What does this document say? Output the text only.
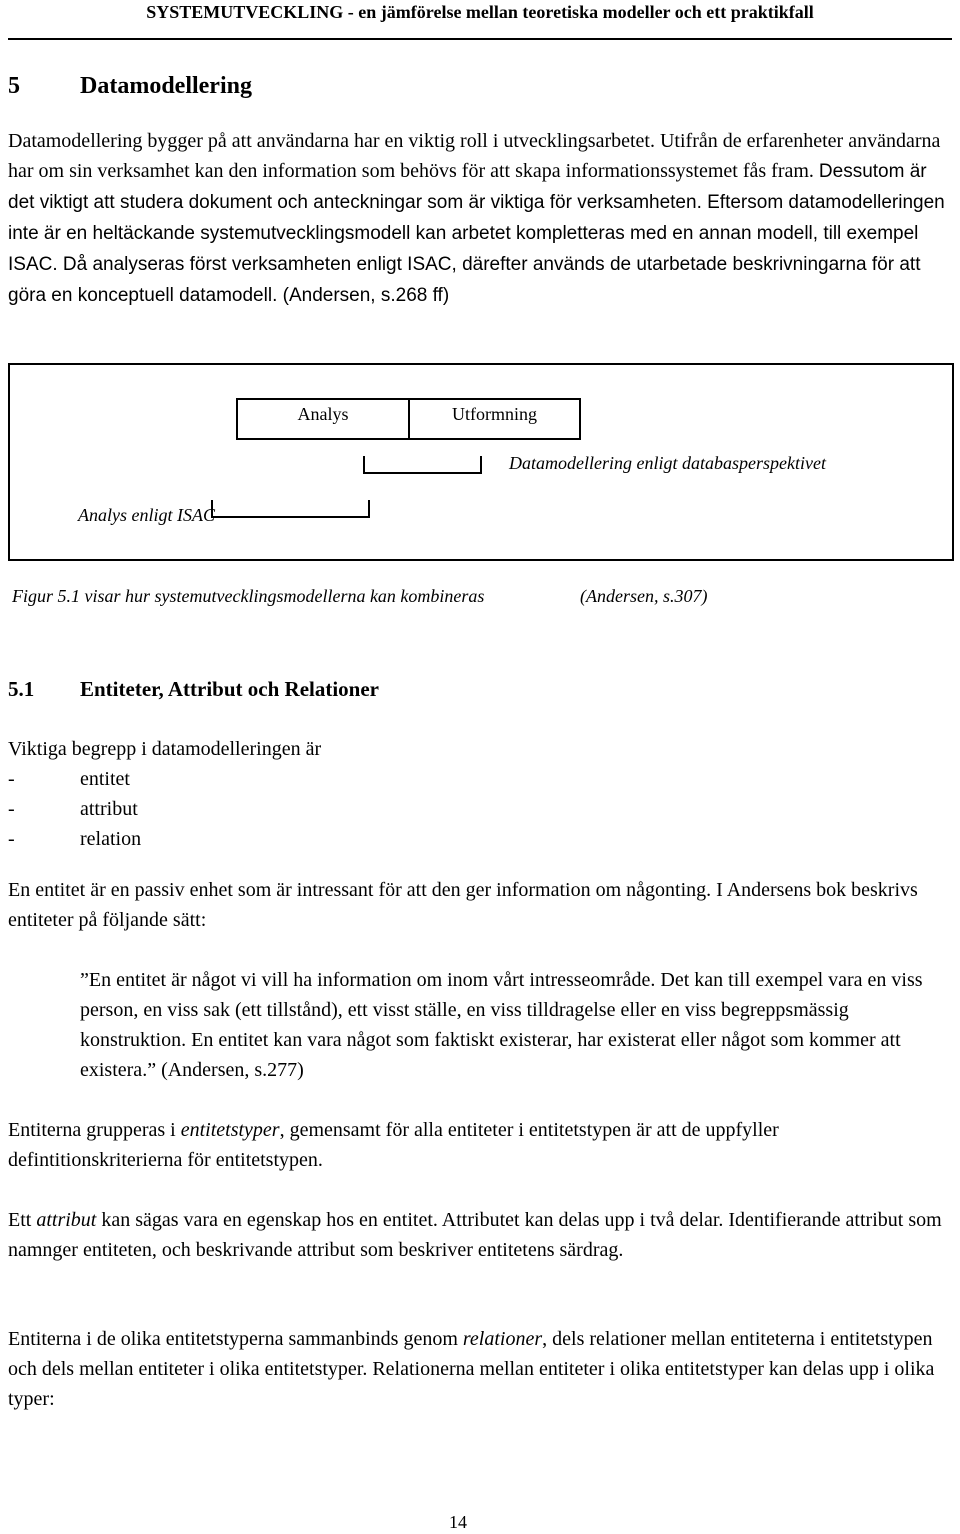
SYSTEMUTVECKLING - en jämförelse mellan teoretiska modeller och ett praktikfall
5	Datamodellering
Datamodellering bygger på att användarna har en viktig roll i utvecklingsarbetet. Utifrån de erfarenheter användarna har om sin verksamhet kan den information som behövs för att skapa informationssystemet fås fram. Dessutom är det viktigt att studera dokument och anteckningar som är viktiga för verksamheten. Eftersom datamodelleringen inte är en heltäckande systemutvecklingsmodell kan arbetet kompletteras med en annan modell, till exempel ISAC. Då analyseras först verksamheten enligt ISAC, därefter används de utarbetade beskrivningarna för att göra en konceptuell datamodell. (Andersen, s.268 ff)
Analys	Utformning
Datamodellering enligt databasperspektivet
Analys enligt ISAC
Figur 5.1 visar hur systemutvecklingsmodellerna kan kombineras	(Andersen, s.307)
5.1 Entiteter, Attribut och Relationer
Viktiga begrepp i datamodelleringen är
-	entitet
-	attribut
-	relation
En entitet är en passiv enhet som är intressant för att den ger information om någonting. I Andersens bok beskrivs entiteter på följande sätt:
”En entitet är något vi vill ha information om inom vårt intresseområde. Det kan till exempel vara en viss person, en viss sak (ett tillstånd), ett visst ställe, en viss tilldragelse eller en viss begreppsmässig konstruktion. En entitet kan vara något som faktiskt existerar, har existerat eller något som kommer att existera.” (Andersen, s.277)
Entiterna grupperas i entitetstyper, gemensamt för alla entiteter i entitetstypen är att de uppfyller defintitionskriterierna för entitetstypen.
Ett attribut kan sägas vara en egenskap hos en entitet. Attributet kan delas upp i två delar. Identifierande attribut som namnger entiteten, och beskrivande attribut som beskriver entitetens särdrag.
Entiterna i de olika entitetstyperna sammanbinds genom relationer, dels relationer mellan entiteterna i entitetstypen och dels mellan entiteter i olika entitetstyper. Relationerna mellan entiteter i olika entitetstyper kan delas upp i olika typer:
14
